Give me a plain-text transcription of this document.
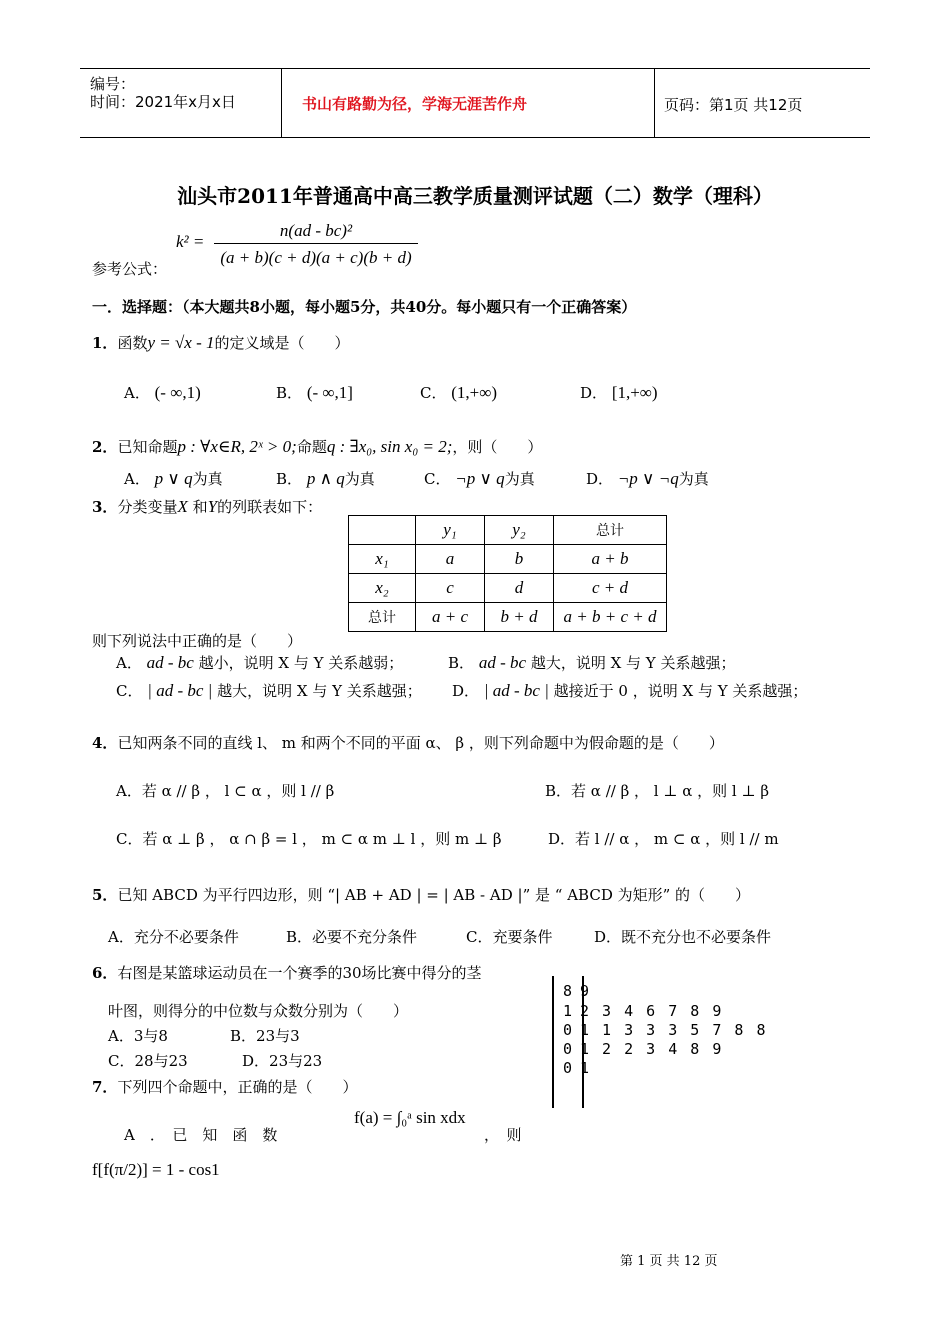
编号：
时间：2021年x月x日	书山有路勤为径，学海无涯苦作舟	页码：第1页 共12页
汕头市2011年普通高中高三教学质量测评试题（二）数学（理科）
参考公式：
k² =
n(ad - bc)²
(a + b)(c + d)(a + c)(b + d)
一．选择题：（本大题共8小题，每小题5分，共40分。每小题只有一个正确答案）
1．函数y = √x - 1的定义域是（　　）
A． (- ∞,1)	B． (- ∞,1]	C． (1,+∞)	D． [1,+∞)
2．已知命题p : ∀x∈R, 2ˣ > 0;命题q : ∃x₀, sin x₀ = 2;，则（　　）
A． p ∨ q为真	B． p ∧ q为真	C． ¬p ∨ q为真	D． ¬p ∨ ¬q为真
3．分类变量X 和Y的列联表如下：
	y₁	y₂	总计
x₁	a	b	a + b
x₂	c	d	c + d
总计	a + c	b + d	a + b + c + d
则下列说法中正确的是（　　）
A． ad - bc 越小，说明 X 与 Y 关系越弱；	B． ad - bc 越大，说明 X 与 Y 关系越强；
C． | ad - bc | 越大，说明 X 与 Y 关系越强； D． | ad - bc | 越接近于 0 ，说明 X 与 Y 关系越强；
4．已知两条不同的直线 l、 m 和两个不同的平面 α、 β ，则下列命题中为假命题的是（　　）
A．若 α // β ， l ⊂ α ，则 l // β	B．若 α // β ， l ⊥ α ，则 l ⊥ β
C．若 α ⊥ β ， α ∩ β = l ， m ⊂ α m ⊥ l ，则 m ⊥ β	D．若 l // α ， m ⊂ α ，则 l // m
5．已知 ABCD 为平行四边形，则 “| AB + AD | = | AB - AD |” 是 “ ABCD 为矩形” 的（　　）
A．充分不必要条件	B．必要不充分条件	C．充要条件	D．既不充分也不必要条件
6．右图是某篮球运动员在一个赛季的30场比赛中得分的茎
叶图，则得分的中位数与众数分别为（　　）
A．3与8	B．23与3
C．28与23	D．23与23
8 9
1 2 3 4 6 7 8 9
0 1 1 3 3 3 5 7 8 8
0 1 2 2 3 4 8 9
0 1
7．下列四个命题中，正确的是（　　）
A　．　已　知　函　数
f(a) = ∫₀ᵃ sin xdx
，　则
f[f(π/2)] = 1 - cos1
第 1 页 共 12 页
